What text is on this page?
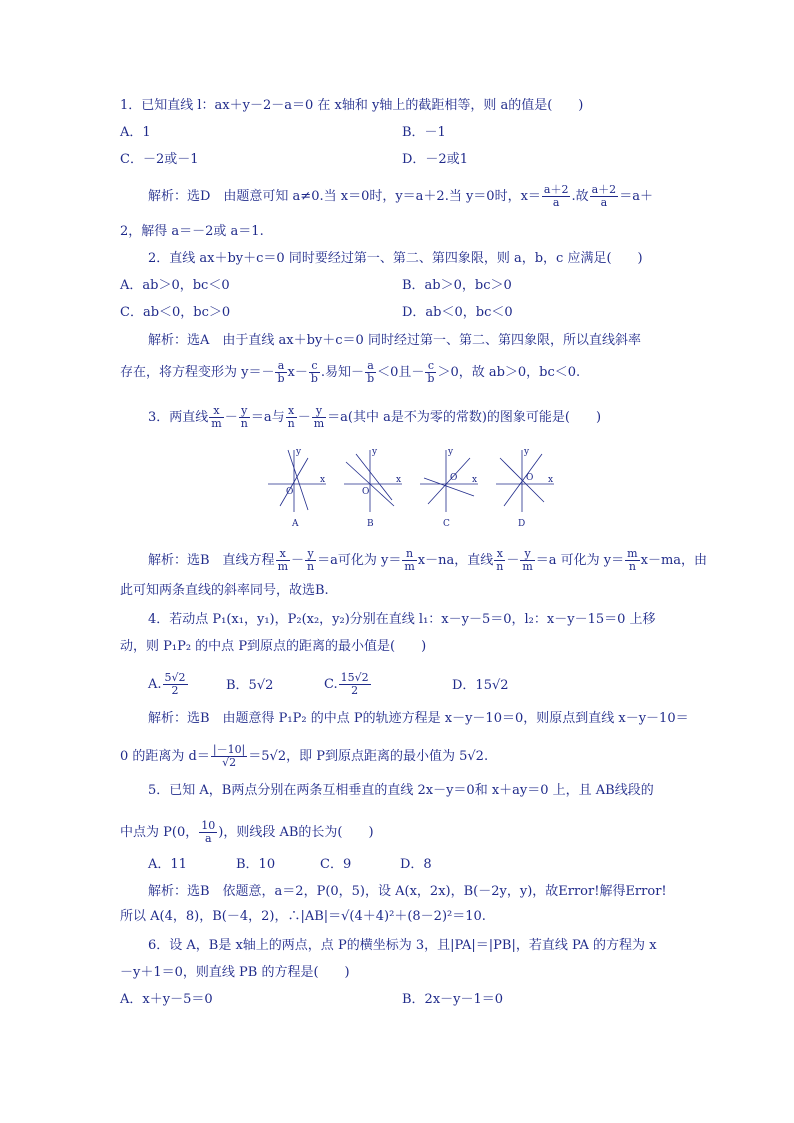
1．已知直线 l：ax＋y－2－a＝0 在 x轴和 y轴上的截距相等，则 a的值是(　　)
A．1	B．－1
C．－2或－1	D．－2或1
解析：选D　由题意可知 a≠0.当 x＝0时，y＝a＋2.当 y＝0时，$x= \frac{a+2}{a}$ .故 $\frac{a+2}{a} =a+$
2，解得 a＝－2或 a＝1.
2．直线 ax＋by＋c＝0 同时要经过第一、第二、第四象限，则 a，b，c 应满足(　　)
A．ab＞0，bc＜0	B．ab＞0，bc＞0
C．ab＜0，bc＞0	D．ab＜0，bc＜0
解析：选A　由于直线 ax＋by＋c＝0 同时经过第一、第二、第四象限，所以直线斜率
存在，将方程变形为 $y=- \frac{a}{b} x- \frac{c}{b}$ .易知－ $\frac{a}{b} <0$且－ $\frac{c}{b} >0$，故 ab＞0，bc＜0.
3．两直线 $\frac{x}{m} - \frac{y}{n} =a$与 $\frac{x}{n} - \frac{y}{m} =a$(其中 a是不为零的常数)的图象可能是(　　)
y
x
O
y
x
O
y
x
O
y
x
O
A	B	C	D
解析：选B　直线方程 $\frac{x}{m} - \frac{y}{n} =a$可化为 $y= \frac{n}{m} x-na$，直线 $\frac{x}{n} - \frac{y}{m} =a$ 可化为 $y= \frac{m}{n} x-ma$，由
此可知两条直线的斜率同号，故选B.
4．若动点 P₁(x₁，y₁)，P₂(x₂，y₂)分别在直线 l₁：x－y－5＝0，l₂：x－y－15＝0 上移
动，则 P₁P₂ 的中点 P到原点的距离的最小值是(　　)
A. $\frac{5√2}{2}$	B．5√2	C. $\frac{15√2}{2}$	D．15√2
解析：选B　由题意得 P₁P₂ 的中点 P的轨迹方程是 x－y－10＝0，则原点到直线 x－y－10＝
0 的距离为 $d= \frac{|-10|}{√2} =5√2$，即 P到原点距离的最小值为 5√2.
5．已知 A，B两点分别在两条互相垂直的直线 2x－y＝0和 x＋ay＝0 上，且 AB线段的
中点为 P(0， $\frac{10}{a}$ )，则线段 AB的长为(　　)
A．11	B．10	C．9	D．8
解析：选B　依题意，a＝2，P(0，5)，设 A(x，2x)，B(－2y，y)，故Error!解得Error!
所以 A(4，8)，B(－4，2)，∴|AB|＝√(4＋4)²＋(8－2)²＝10.
6．设 A，B是 x轴上的两点，点 P的横坐标为 3，且|PA|＝|PB|，若直线 PA 的方程为 x
－y＋1＝0，则直线 PB 的方程是(　　)
A．x＋y－5＝0	B．2x－y－1＝0
